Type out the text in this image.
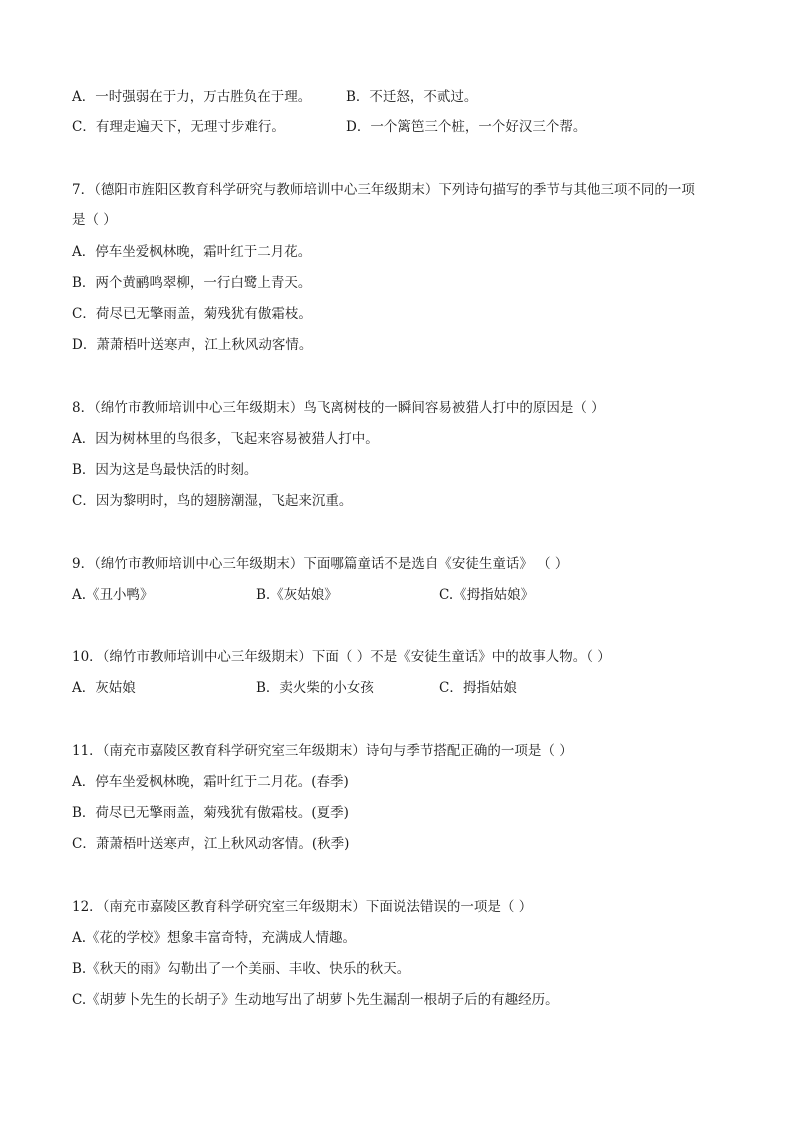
A．一时强弱在于力，万古胜负在于理。	B．不迁怒，不贰过。
C．有理走遍天下，无理寸步难行。	D．一个篱笆三个桩，一个好汉三个帮。
7．（德阳市旌阳区教育科学研究与教师培训中心三年级期末）下列诗句描写的季节与其他三项不同的一项
是（ ）
A．停车坐爱枫林晚，霜叶红于二月花。
B．两个黄鹂鸣翠柳，一行白鹭上青天。
C．荷尽已无擎雨盖，菊残犹有傲霜枝。
D．萧萧梧叶送寒声，江上秋风动客情。
8．（绵竹市教师培训中心三年级期末）鸟飞离树枝的一瞬间容易被猎人打中的原因是（ ）
A．因为树林里的鸟很多，飞起来容易被猎人打中。
B．因为这是鸟最快活的时刻。
C．因为黎明时，鸟的翅膀潮湿，飞起来沉重。
9．（绵竹市教师培训中心三年级期末）下面哪篇童话不是选自《安徒生童话》 （ ）
A.《丑小鸭》	B.《灰姑娘》	C.《拇指姑娘》
10．（绵竹市教师培训中心三年级期末）下面（ ）不是《安徒生童话》中的故事人物。（ ）
A．灰姑娘	B．卖火柴的小女孩	C．拇指姑娘
11．（南充市嘉陵区教育科学研究室三年级期末）诗句与季节搭配正确的一项是（ ）
A．停车坐爱枫林晚，霜叶红于二月花。(春季)
B．荷尽已无擎雨盖，菊残犹有傲霜枝。(夏季)
C．萧萧梧叶送寒声，江上秋风动客情。(秋季)
12．（南充市嘉陵区教育科学研究室三年级期末）下面说法错误的一项是（ ）
A.《花的学校》想象丰富奇特，充满成人情趣。
B.《秋天的雨》勾勒出了一个美丽、丰收、快乐的秋天。
C.《胡萝卜先生的长胡子》生动地写出了胡萝卜先生漏刮一根胡子后的有趣经历。
